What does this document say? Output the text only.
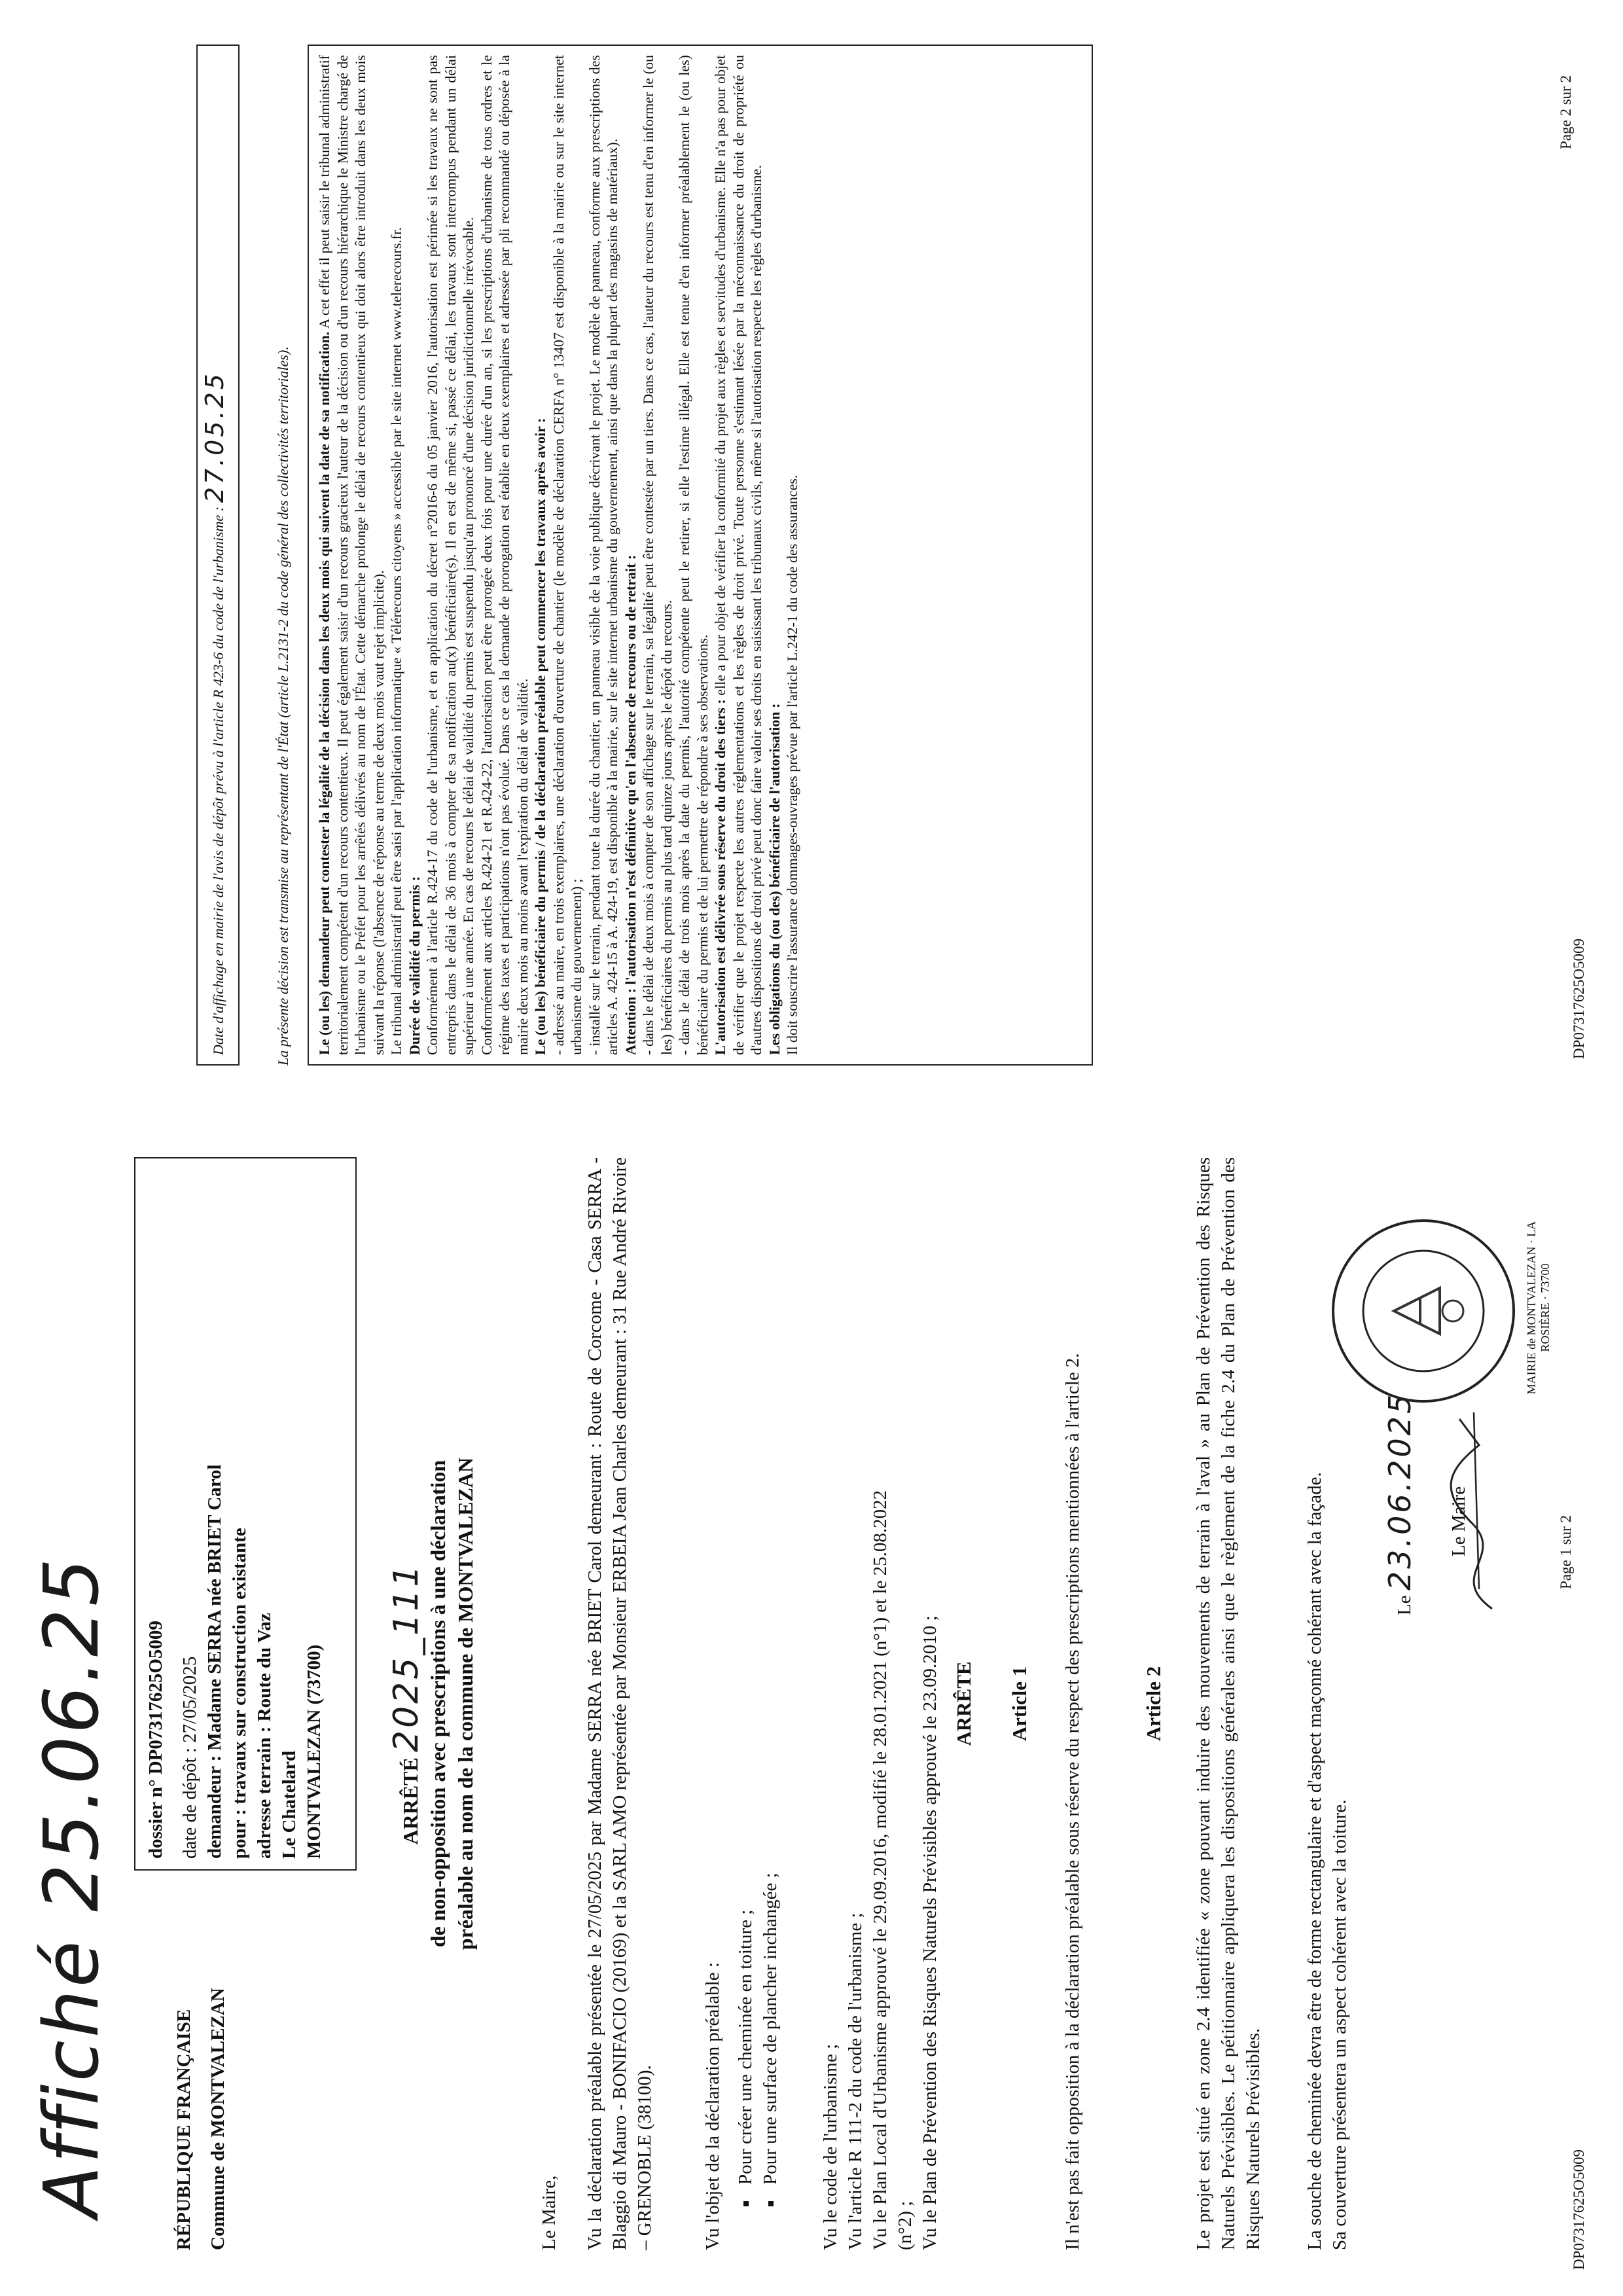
Affiché 25.06.25	RÉPUBLIQUE FRANÇAISE Commune de MONTVALEZAN
dossier n° DP07317625O5009 date de dépôt : 27/05/2025 demandeur : Madame SERRA née BRIET Carol pour : travaux sur construction existante adresse terrain : Route du Vaz Le Chatelard MONTVALEZAN (73700)	ARRÊTÉ 2025_111 de non-opposition avec prescriptions à une déclaration préalable au nom de la commune de MONTVALEZAN
Le Maire, Vu la déclaration préalable présentée le 27/05/2025 par Madame SERRA née BRIET Carol demeurant : Route de Corcome - Casa SERRA - Blaggio di Mauro - BONIFACIO (20169) et la SARL AMO représentée par Monsieur ERBEIA Jean Charles demeurant : 31 Rue André Rivoire – GRENOBLE (38100). Vu l'objet de la déclaration préalable : ▪ Pour créer une cheminée en toiture ; ▪ Pour une surface de plancher inchangée ; Vu le code de l'urbanisme ; Vu l'article R 111-2 du code de l'urbanisme ; Vu le Plan Local d'Urbanisme approuvé le 29.09.2016, modifié le 28.01.2021 (n°1) et le 25.08.2022 (n°2) ; Vu le Plan de Prévention des Risques Naturels Prévisibles approuvé le 23.09.2010 ; ARRÊTE Article 1 Il n'est pas fait opposition à la déclaration préalable sous réserve du respect des prescriptions mentionnées à l'article 2.	Article 2 Le projet est situé en zone 2.4 identifiée « zone pouvant induire des mouvements de terrain à l'aval » au Plan de Prévention des Risques Naturels Prévisibles. Le pétitionnaire appliquera les dispositions générales ainsi que le règlement de la fiche 2.4 du Plan de Prévention des Risques Naturels Prévisibles. La souche de cheminée devra être de forme rectangulaire et d'aspect maçonné cohérant avec la façade. Sa couverture présentera un aspect cohérent avec la toiture.
Le 23.06.2025 Le Maire
MAIRIE de MONTVALEZAN · LA ROSIÈRE · 73700
DP07317625O5009
Page 1 sur 2
Date d'affichage en mairie de l'avis de dépôt prévu à l'article R 423-6 du code de l'urbanisme : 27.05.25	La présente décision est transmise au représentant de l'État (article L.2131-2 du code général des collectivités territoriales). Le (ou les) demandeur peut contester la légalité de la décision dans les deux mois qui suivent la date de sa notification. A cet effet il peut saisir le tribunal administratif territorialement compétent d'un recours contentieux. Il peut également saisir d'un recours gracieux l'auteur de la décision ou d'un recours hiérarchique le Ministre chargé de l'urbanisme ou le Préfet pour les arrêtés délivrés au nom de l'État. Cette démarche prolonge le délai de recours contentieux qui doit alors être introduit dans les deux mois suivant la réponse (l'absence de réponse au terme de deux mois vaut rejet implicite).
Le tribunal administratif peut être saisi par l'application informatique « Télérecours citoyens » accessible par le site internet www.telerecours.fr.
Durée de validité du permis :
Conformément à l'article R.424-17 du code de l'urbanisme, et en application du décret n°2016-6 du 05 janvier 2016, l'autorisation est périmée si les travaux ne sont pas entrepris dans le délai de 36 mois à compter de sa notification au(x) bénéficiaire(s). Il en est de même si, passé ce délai, les travaux sont interrompus pendant un délai supérieur à une année. En cas de recours le délai de validité du permis est suspendu jusqu'au prononcé d'une décision juridictionnelle irrévocable.
Conformément aux articles R.424-21 et R.424-22, l'autorisation peut être prorogée deux fois pour une durée d'un an, si les prescriptions d'urbanisme de tous ordres et le régime des taxes et participations n'ont pas évolué. Dans ce cas la demande de prorogation est établie en deux exemplaires et adressée par pli recommandé ou déposée à la mairie deux mois au moins avant l'expiration du délai de validité. Le (ou les) bénéficiaire du permis / de la déclaration préalable peut commencer les travaux après avoir :
- adressé au maire, en trois exemplaires, une déclaration d'ouverture de chantier (le modèle de déclaration CERFA n° 13407 est disponible à la mairie ou sur le site internet urbanisme du gouvernement) ;
- installé sur le terrain, pendant toute la durée du chantier, un panneau visible de la voie publique décrivant le projet. Le modèle de panneau, conforme aux prescriptions des articles A. 424-15 à A. 424-19, est disponible à la mairie, sur le site internet urbanisme du gouvernement, ainsi que dans la plupart des magasins de matériaux).
Attention : l'autorisation n'est définitive qu'en l'absence de recours ou de retrait :
- dans le délai de deux mois à compter de son affichage sur le terrain, sa légalité peut être contestée par un tiers. Dans ce cas, l'auteur du recours est tenu d'en informer le (ou les) bénéficiaires du permis au plus tard quinze jours après le dépôt du recours.
- dans le délai de trois mois après la date du permis, l'autorité compétente peut le retirer, si elle l'estime illégal. Elle est tenue d'en informer préalablement le (ou les) bénéficiaire du permis et de lui permettre de répondre à ses observations.
L'autorisation est délivrée sous réserve du droit des tiers : elle a pour objet de vérifier la conformité du projet aux règles et servitudes d'urbanisme. Elle n'a pas pour objet de vérifier que le projet respecte les autres réglementations et les règles de droit privé. Toute personne s'estimant lésée par la méconnaissance du droit de propriété ou d'autres dispositions de droit privé peut donc faire valoir ses droits en saisissant les tribunaux civils, même si l'autorisation respecte les règles d'urbanisme. Les obligations du (ou des) bénéficiaire de l'autorisation :
Il doit souscrire l'assurance dommages-ouvrages prévue par l'article L.242-1 du code des assurances.
DP07317625O5009
Page 2 sur 2
